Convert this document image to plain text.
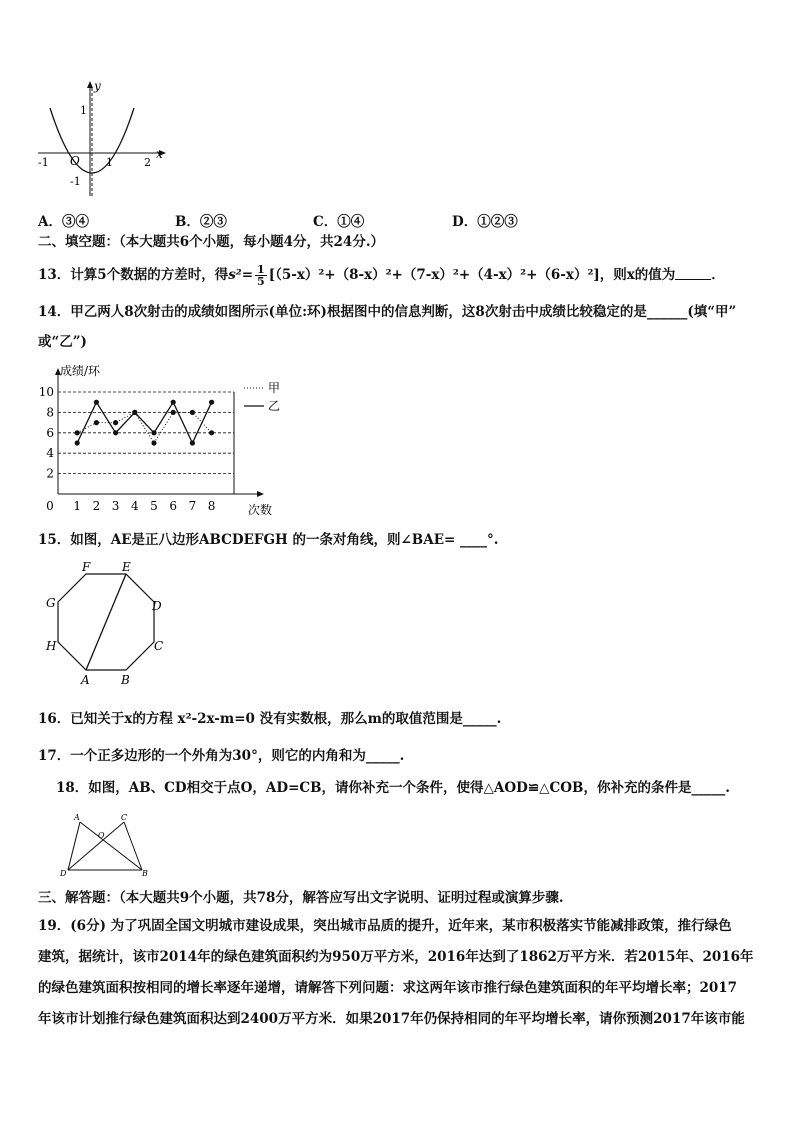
y
x
O
1
-1
-1	1	2
A．③④	B．②③	C．①④	D．①②③
二、填空题：（本大题共6个小题，每小题4分，共24分.）
13．计算5个数据的方差时，得$s^2= \frac{1}{5} [(5-x)^2+(8-x)^2+(7-x)^2+(4-x)^2+(6-x)^2]$，则x的值为	．
14．甲乙两人8次射击的成绩如图所示(单位:环)根据图中的信息判断，这8次射击中成绩比较稳定的是______(填“甲”
或“乙”)
成绩/环
次数
2
4
6
8
10
0 1 2 3 4 5 6 7 8
甲
乙
15．如图，AE是正八边形ABCDEFGH 的一条对角线，则∠BAE= ____°.
F	E
G	D
H	C
A	B
16．已知关于x的方程 x²-2x-m=0 没有实数根，那么m的取值范围是_____.
17．一个正多边形的一个外角为30°，则它的内角和为_____.
18．如图，AB、CD相交于点O，AD=CB，请你补充一个条件，使得△AOD≌△COB，你补充的条件是_____.
A	C
O
D	B
三、解答题：（本大题共9个小题，共78分，解答应写出文字说明、证明过程或演算步骤.
19．(6分) 为了巩固全国文明城市建设成果，突出城市品质的提升，近年来，某市积极落实节能减排政策，推行绿色
建筑，据统计，该市2014年的绿色建筑面积约为950万平方米，2016年达到了1862万平方米．若2015年、2016年
的绿色建筑面积按相同的增长率逐年递增，请解答下列问题：求这两年该市推行绿色建筑面积的年平均增长率；2017
年该市计划推行绿色建筑面积达到2400万平方米．如果2017年仍保持相同的年平均增长率，请你预测2017年该市能
